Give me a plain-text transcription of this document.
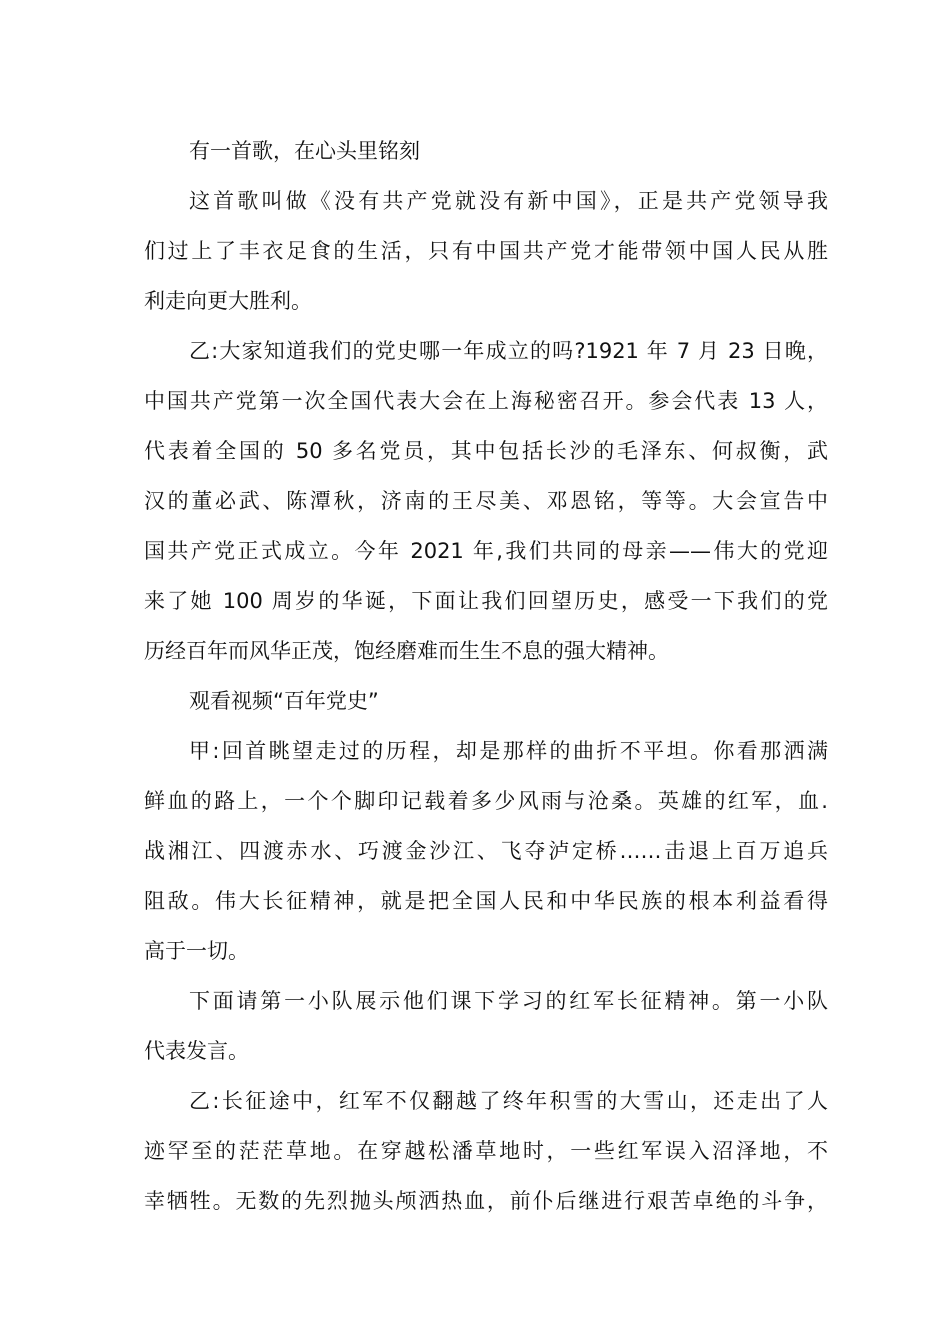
有一首歌，在心头里铭刻
这首歌叫做《没有共产党就没有新中国》，正是共产党领导我
们过上了丰衣足食的生活，只有中国共产党才能带领中国人民从胜
利走向更大胜利。
乙:大家知道我们的党史哪一年成立的吗?1921 年 7 月 23 日晚，
中国共产党第一次全国代表大会在上海秘密召开。参会代表 13 人，
代表着全国的 50 多名党员，其中包括长沙的毛泽东、何叔衡，武
汉的董必武、陈潭秋，济南的王尽美、邓恩铭，等等。大会宣告中
国共产党正式成立。今年 2021 年,我们共同的母亲——伟大的党迎
来了她 100 周岁的华诞，下面让我们回望历史，感受一下我们的党
历经百年而风华正茂，饱经磨难而生生不息的强大精神。
观看视频“百年党史”
甲:回首眺望走过的历程，却是那样的曲折不平坦。你看那洒满
鲜血的路上，一个个脚印记载着多少风雨与沧桑。英雄的红军，血.
战湘江、四渡赤水、巧渡金沙江、飞夺泸定桥……击退上百万追兵
阻敌。伟大长征精神，就是把全国人民和中华民族的根本利益看得
高于一切。
下面请第一小队展示他们课下学习的红军长征精神。第一小队
代表发言。
乙:长征途中，红军不仅翻越了终年积雪的大雪山，还走出了人
迹罕至的茫茫草地。在穿越松潘草地时，一些红军误入沼泽地，不
幸牺牲。无数的先烈抛头颅洒热血，前仆后继进行艰苦卓绝的斗争，
